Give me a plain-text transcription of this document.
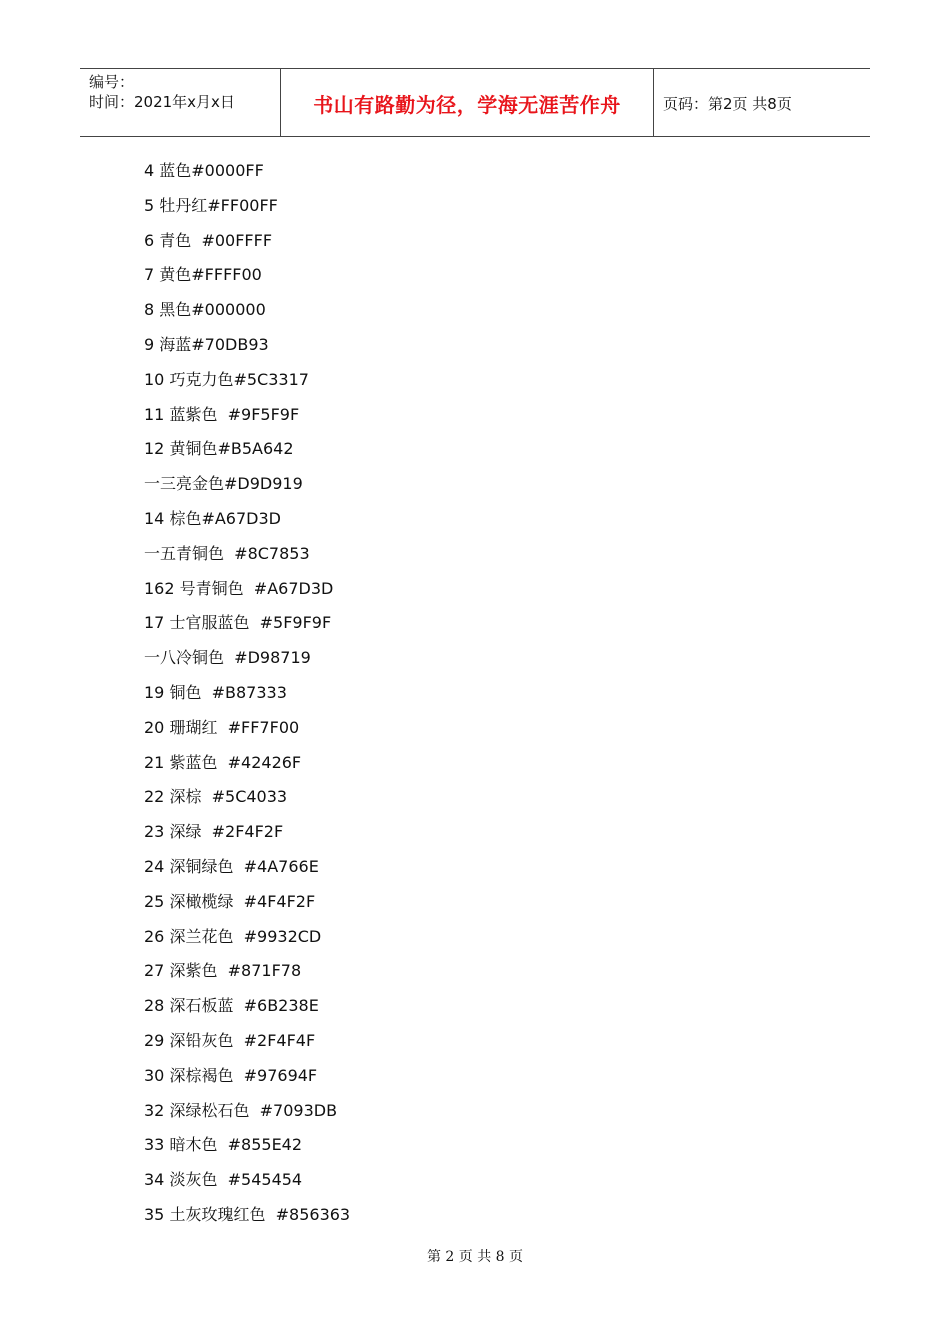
编号：
时间：2021年x月x日	书山有路勤为径，学海无涯苦作舟	页码：第2页 共8页
4 蓝色#0000FF
5 牡丹红#FF00FF
6 青色  #00FFFF
7 黄色#FFFF00
8 黑色#000000
9 海蓝#70DB93
10 巧克力色#5C3317
11 蓝紫色  #9F5F9F
12 黄铜色#B5A642
一三亮金色#D9D919
14 棕色#A67D3D
一五青铜色  #8C7853
162 号青铜色  #A67D3D
17 士官服蓝色  #5F9F9F
一八冷铜色  #D98719
19 铜色  #B87333
20 珊瑚红  #FF7F00
21 紫蓝色  #42426F
22 深棕  #5C4033
23 深绿  #2F4F2F
24 深铜绿色  #4A766E
25 深橄榄绿  #4F4F2F
26 深兰花色  #9932CD
27 深紫色  #871F78
28 深石板蓝  #6B238E
29 深铅灰色  #2F4F4F
30 深棕褐色  #97694F
32 深绿松石色  #7093DB
33 暗木色  #855E42
34 淡灰色  #545454
35 土灰玫瑰红色  #856363
第 2 页 共 8 页
